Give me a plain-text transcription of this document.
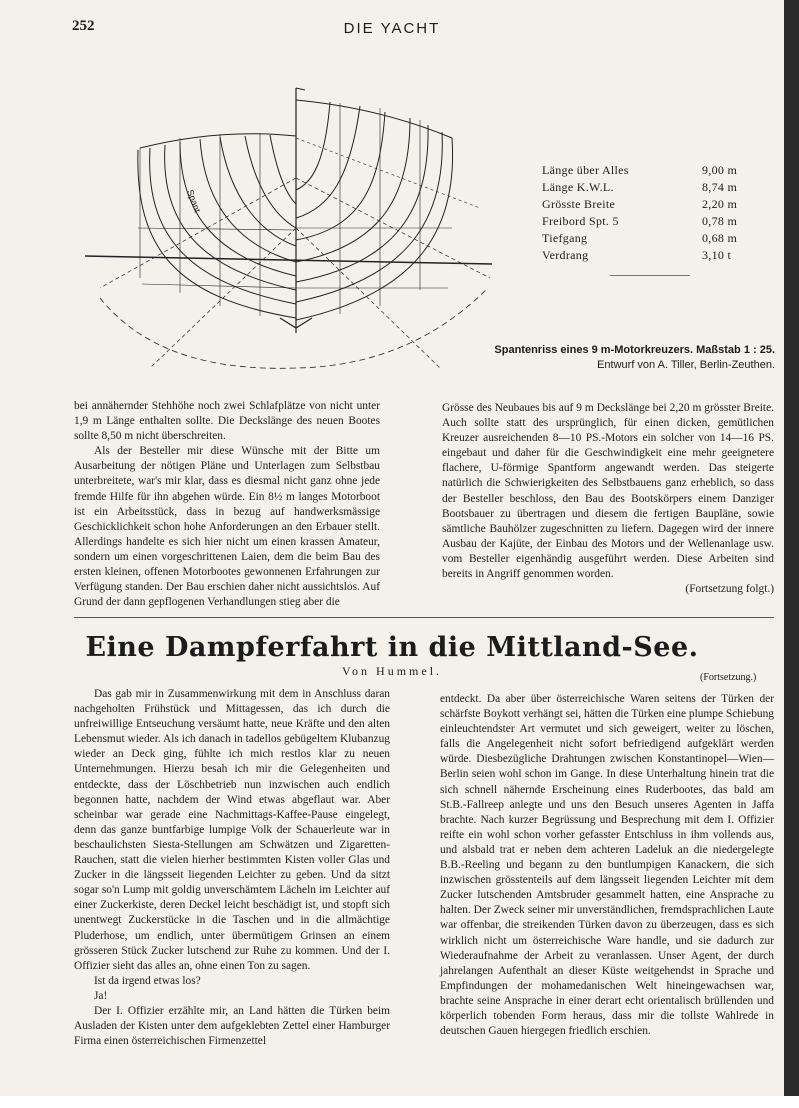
252	DIE YACHT
Spant
Länge über Alles	9,00 m
Länge K.W.L.	8,74 m
Grösste Breite	2,20 m
Freibord Spt. 5	0,78 m
Tiefgang	0,68 m
Verdrang	3,10 t
Spantenriss eines 9 m-Motorkreuzers. Maßstab 1 : 25.
Entwurf von A. Tiller, Berlin-Zeuthen.

bei annähernder Stehhöhe noch zwei Schlafplätze von nicht unter 1,9 m Länge enthalten sollte. Die Deckslänge des neuen Bootes sollte 8,50 m nicht überschreiten.

Als der Besteller mir diese Wünsche mit der Bitte um Ausarbeitung der nötigen Pläne und Unterlagen zum Selbstbau unterbreitete, war's mir klar, dass es diesmal nicht ganz ohne jede fremde Hilfe für ihn abgehen würde. Ein 8½ m langes Motorboot ist ein Arbeitsstück, dass in bezug auf handwerksmässige Geschicklichkeit schon hohe Anforderungen an den Erbauer stellt. Allerdings handelte es sich hier nicht um einen krassen Amateur, sondern um einen vorgeschrittenen Laien, dem die beim Bau des ersten kleinen, offenen Motorbootes gewonnenen Erfahrungen zur Verfügung standen. Der Bau erschien daher nicht aussichtslos. Auf Grund der dann gepflogenen Verhandlungen stieg aber die

Grösse des Neubaues bis auf 9 m Deckslänge bei 2,20 m grösster Breite. Auch sollte statt des ursprünglich, für einen dicken, gemütlichen Kreuzer ausreichenden 8—10 PS.-Motors ein solcher von 14—16 PS. eingebaut und daher für die Geschwindigkeit eine mehr geeignetere flachere, U-förmige Spantform angewandt werden. Das steigerte natürlich die Schwierigkeiten des Selbstbauens ganz erheblich, so dass der Besteller beschloss, den Bau des Bootskörpers einem Danziger Bootsbauer zu übertragen und diesem die fertigen Baupläne, sowie sämtliche Bauhölzer zugeschnitten zu liefern. Dagegen wird der innere Ausbau der Kajüte, der Einbau des Motors und der Wellenanlage usw. vom Besteller eigenhändig ausgeführt werden. Diese Arbeiten sind bereits in Angriff genommen worden.

(Fortsetzung folgt.)
Eine Dampferfahrt in die Mittland-See.
Von Hummel.	(Fortsetzung.)

Das gab mir in Zusammenwirkung mit dem in Anschluss daran nachgeholten Frühstück und Mittagessen, das ich durch die unfreiwillige Entseuchung versäumt hatte, neue Kräfte und den alten Lebensmut wieder. Als ich danach in tadellos gebügeltem Klubanzug wieder an Deck ging, fühlte ich mich restlos klar zu neuen Unternehmungen. Hierzu besah ich mir die Gelegenheiten und entdeckte, dass der Löschbetrieb nun inzwischen auch endlich begonnen hatte, nachdem der Wind etwas abgeflaut war. Aber scheinbar war gerade eine Nachmittags-Kaffee-Pause eingelegt, denn das ganze buntfarbige lumpige Volk der Schauerleute war in beschaulichsten Siesta-Stellungen am Schwätzen und Zigaretten-Rauchen, statt die vielen hierher bestimmten Kisten voller Glas und Zucker in die längsseit liegenden Leichter zu geben. Und da sitzt sogar so'n Lump mit goldig unverschämtem Lächeln im Leichter auf einer Zuckerkiste, deren Deckel leicht beschädigt ist, und stopft sich unentwegt Zuckerstücke in die Taschen und in die allmächtige Pluderhose, um endlich, unter übermütigem Grinsen an einem grösseren Stück Zucker lutschend zur Ruhe zu kommen. Und der I. Offizier sieht das alles an, ohne einen Ton zu sagen.

Ist da irgend etwas los?

Ja!

Der I. Offizier erzählte mir, an Land hätten die Türken beim Ausladen der Kisten unter dem aufgeklebten Zettel einer Hamburger Firma einen österreichischen Firmenzettel

entdeckt. Da aber über österreichische Waren seitens der Türken der schärfste Boykott verhängt sei, hätten die Türken eine plumpe Schiebung einleuchtendster Art vermutet und sich geweigert, weiter zu löschen, falls die Angelegenheit nicht sofort befriedigend aufgeklärt werden würde. Diesbezügliche Drahtungen zwischen Konstantinopel—Wien—Berlin seien wohl schon im Gange. In diese Unterhaltung hinein trat die sich schnell nähernde Erscheinung eines Ruderbootes, das bald am St.B.-Fallreep anlegte und uns den Besuch unseres Agenten in Jaffa brachte. Nach kurzer Begrüssung und Besprechung mit dem I. Offizier reifte ein wohl schon vorher gefasster Entschluss in ihm vollends aus, und alsbald trat er neben dem achteren Ladeluk an die niedergelegte B.B.-Reeling und begann zu den buntlumpigen Kanackern, die sich inzwischen grösstenteils auf dem längsseit liegenden Leichter mit dem Zucker lutschenden Amtsbruder gesammelt hatten, eine Ansprache zu halten. Der Zweck seiner mir unverständlichen, fremdsprachlichen Laute war offenbar, die streikenden Türken davon zu überzeugen, dass es sich wirklich nicht um österreichische Ware handle, und sie dadurch zur Wiederaufnahme der Arbeit zu veranlassen. Unser Agent, der durch jahrelangen Aufenthalt an dieser Küste weitgehendst in Sprache und Empfindungen der mohamedanischen Welt hineingewachsen war, brachte seine Ansprache in einer derart echt orientalisch brüllenden und körperlich tobenden Form heraus, dass mir die tollste Wahlrede in deutschen Gauen hiergegen friedlich erschien.
